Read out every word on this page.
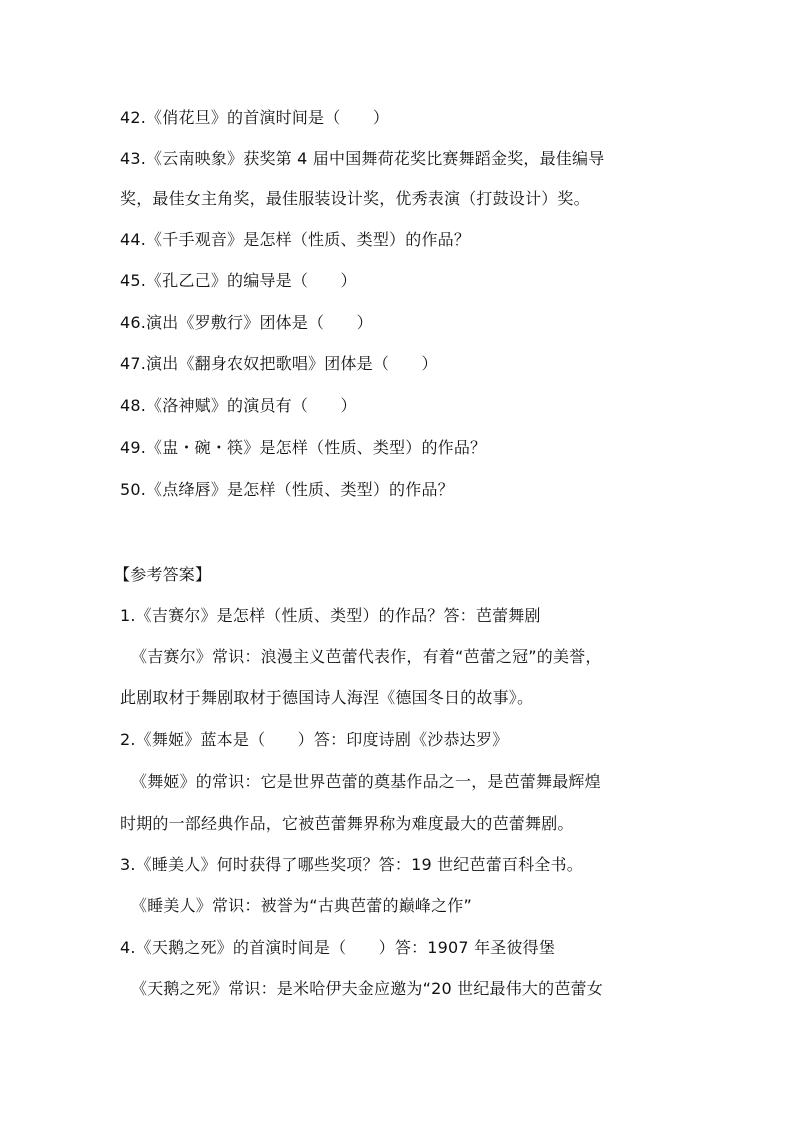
42.《俏花旦》的首演时间是（　　）
43.《云南映象》获奖第 4 届中国舞荷花奖比赛舞蹈金奖，最佳编导
奖，最佳女主角奖，最佳服装设计奖，优秀表演（打鼓设计）奖。
44.《千手观音》是怎样（性质、类型）的作品？
45.《孔乙己》的编导是（　　）
46.演出《罗敷行》团体是（　　）
47.演出《翻身农奴把歌唱》团体是（　　）
48.《洛神赋》的演员有（　　）
49.《盅・碗・筷》是怎样（性质、类型）的作品？
50.《点绛唇》是怎样（性质、类型）的作品？
【参考答案】
1.《吉赛尔》是怎样（性质、类型）的作品？答：芭蕾舞剧
《吉赛尔》常识：浪漫主义芭蕾代表作，有着“芭蕾之冠”的美誉，
此剧取材于舞剧取材于德国诗人海涅《德国冬日的故事》。
2.《舞姬》蓝本是（　　）答：印度诗剧《沙恭达罗》
《舞姬》的常识：它是世界芭蕾的奠基作品之一，是芭蕾舞最辉煌
时期的一部经典作品，它被芭蕾舞界称为难度最大的芭蕾舞剧。
3.《睡美人》何时获得了哪些奖项？答：19 世纪芭蕾百科全书。
《睡美人》常识：被誉为“古典芭蕾的巅峰之作”
4.《天鹅之死》的首演时间是（　　）答：1907 年圣彼得堡
《天鹅之死》常识：是米哈伊夫金应邀为“20 世纪最伟大的芭蕾女
